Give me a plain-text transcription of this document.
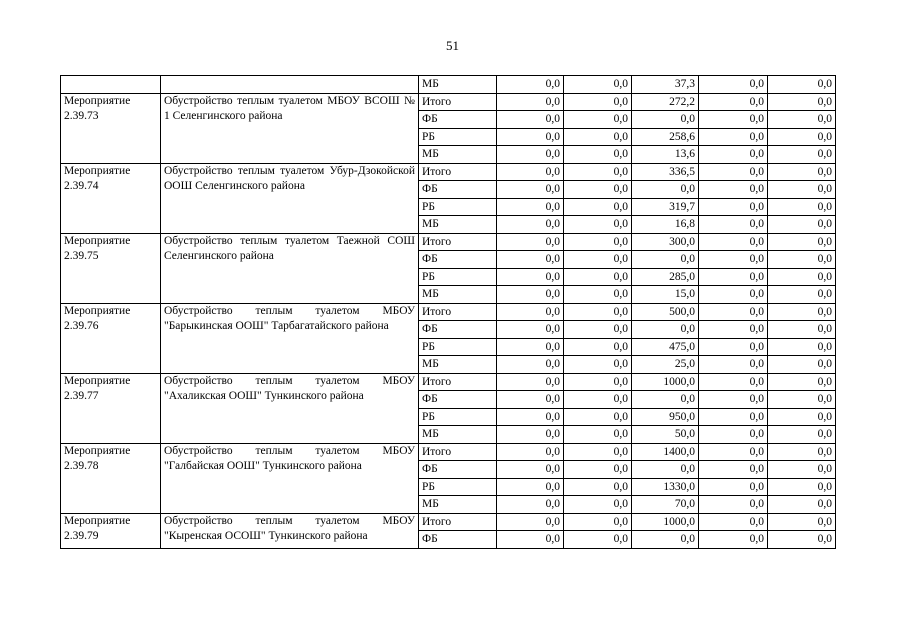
51
		МБ	0,0	0,0	37,3	0,0	0,0
Мероприятие 2.39.73	Обустройство теплым туалетом МБОУ ВСОШ № 1 Селенгинского района	Итого	0,0	0,0	272,2	0,0	0,0
		ФБ	0,0	0,0	0,0	0,0	0,0
		РБ	0,0	0,0	258,6	0,0	0,0
		МБ	0,0	0,0	13,6	0,0	0,0
Мероприятие 2.39.74	Обустройство теплым туалетом Убур-Дзокойской ООШ Селенгинского района	Итого	0,0	0,0	336,5	0,0	0,0
		ФБ	0,0	0,0	0,0	0,0	0,0
		РБ	0,0	0,0	319,7	0,0	0,0
		МБ	0,0	0,0	16,8	0,0	0,0
Мероприятие 2.39.75	Обустройство теплым туалетом Таежной СОШ Селенгинского района	Итого	0,0	0,0	300,0	0,0	0,0
		ФБ	0,0	0,0	0,0	0,0	0,0
		РБ	0,0	0,0	285,0	0,0	0,0
		МБ	0,0	0,0	15,0	0,0	0,0
Мероприятие 2.39.76	Обустройство теплым туалетом МБОУ "Барыкинская ООШ" Тарбагатайского района	Итого	0,0	0,0	500,0	0,0	0,0
		ФБ	0,0	0,0	0,0	0,0	0,0
		РБ	0,0	0,0	475,0	0,0	0,0
		МБ	0,0	0,0	25,0	0,0	0,0
Мероприятие 2.39.77	Обустройство теплым туалетом МБОУ "Ахаликская ООШ" Тункинского района	Итого	0,0	0,0	1000,0	0,0	0,0
		ФБ	0,0	0,0	0,0	0,0	0,0
		РБ	0,0	0,0	950,0	0,0	0,0
		МБ	0,0	0,0	50,0	0,0	0,0
Мероприятие 2.39.78	Обустройство теплым туалетом МБОУ "Галбайская ООШ" Тункинского района	Итого	0,0	0,0	1400,0	0,0	0,0
		ФБ	0,0	0,0	0,0	0,0	0,0
		РБ	0,0	0,0	1330,0	0,0	0,0
		МБ	0,0	0,0	70,0	0,0	0,0
Мероприятие 2.39.79	Обустройство теплым туалетом МБОУ "Кыренская ОСОШ" Тункинского района	Итого	0,0	0,0	1000,0	0,0	0,0
		ФБ	0,0	0,0	0,0	0,0	0,0
